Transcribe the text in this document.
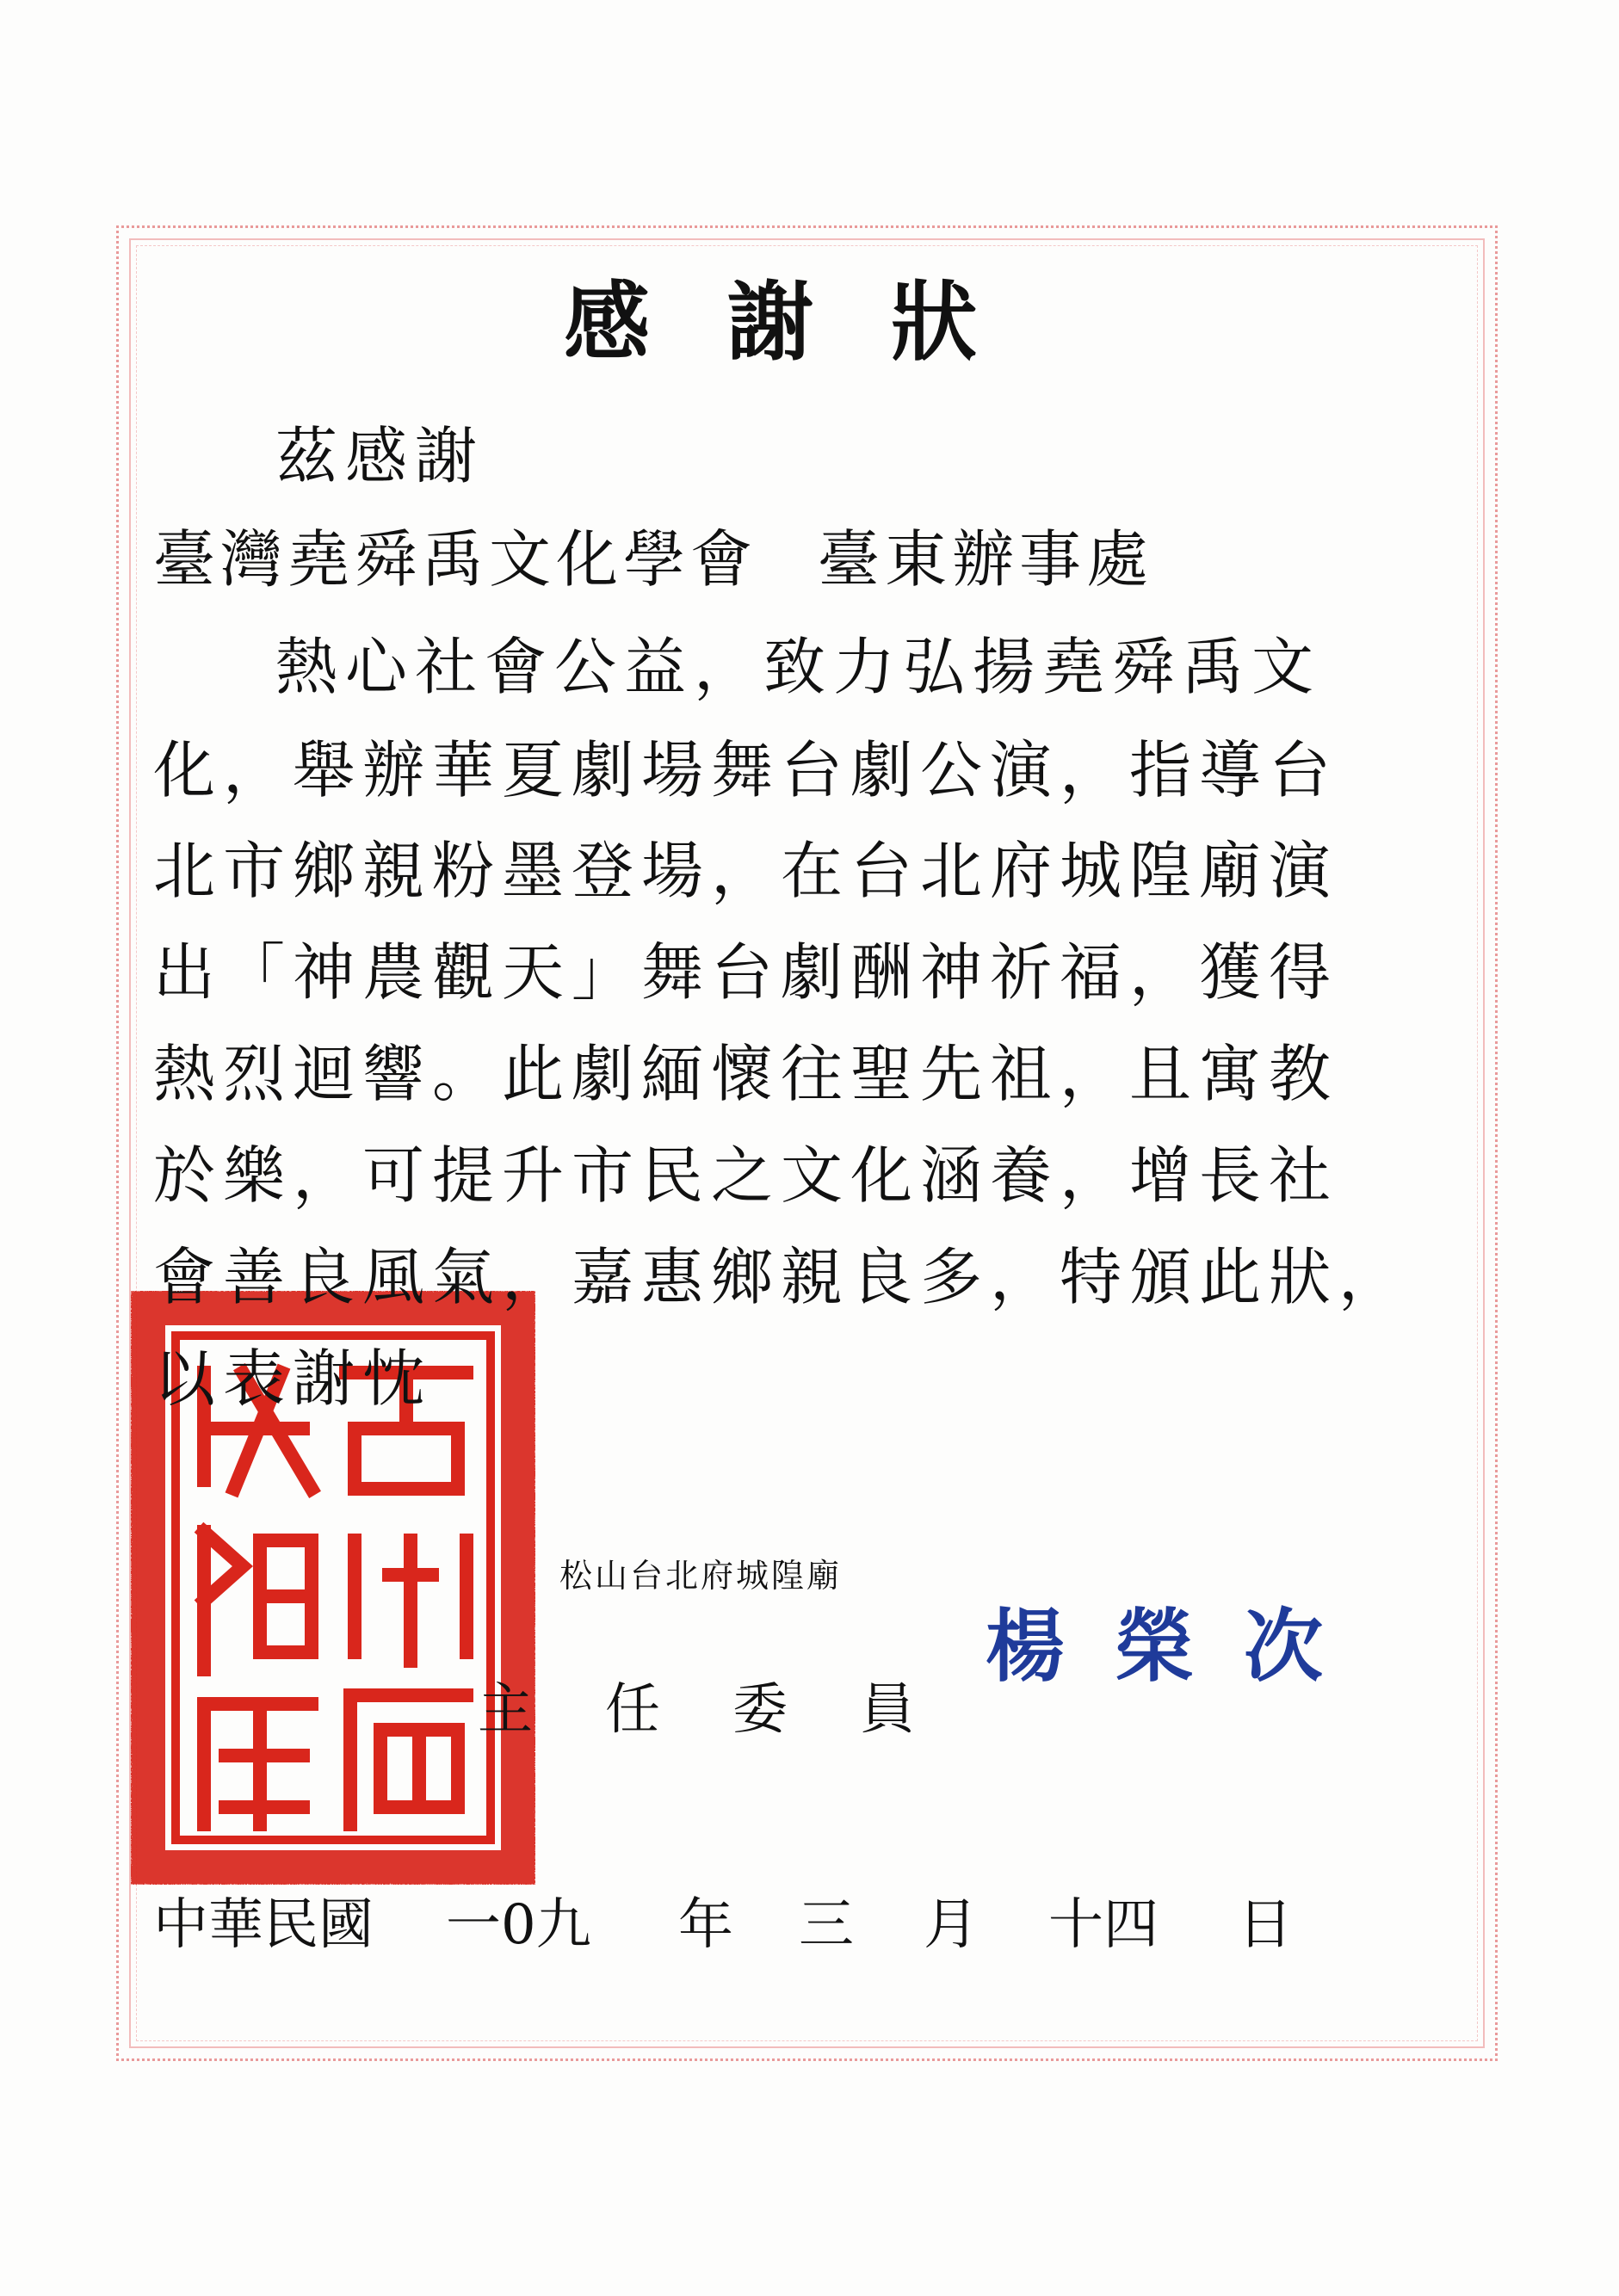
感謝狀
茲感謝
臺灣堯舜禹文化學會 臺東辦事處
熱心社會公益，致力弘揚堯舜禹文
化，舉辦華夏劇場舞台劇公演，指導台
北市鄉親粉墨登場，在台北府城隍廟演
出「神農觀天」舞台劇酬神祈福，獲得
熱烈迴響。此劇緬懷往聖先祖，且寓教
於樂，可提升市民之文化涵養，增長社
會善良風氣，嘉惠鄉親良多，特頒此狀，
以表謝忱
松山台北府城隍廟
主 任 委 員
楊榮次
中華民國 一0九 年 三 月 十四 日
